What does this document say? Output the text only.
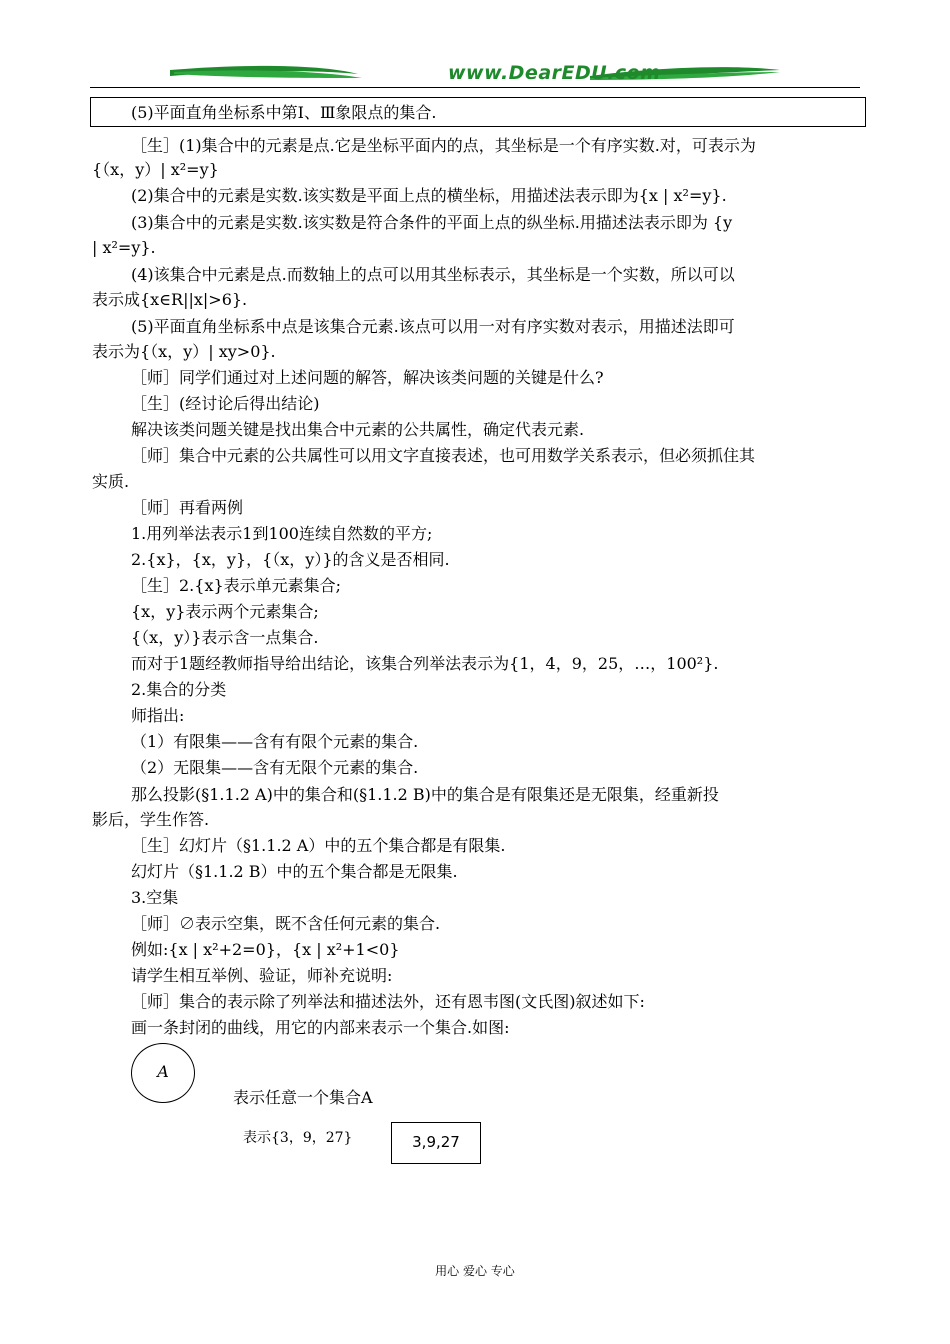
www.DearEDU.com
(5)平面直角坐标系中第Ⅰ、Ⅲ象限点的集合.
［生］(1)集合中的元素是点.它是坐标平面内的点，其坐标是一个有序实数.对，可表示为
{（x，y）| x²=y}
(2)集合中的元素是实数.该实数是平面上点的横坐标，用描述法表示即为{x | x²=y}.
(3)集合中的元素是实数.该实数是符合条件的平面上点的纵坐标.用描述法表示即为 {y
| x²=y}.
(4)该集合中元素是点.而数轴上的点可以用其坐标表示，其坐标是一个实数，所以可以
表示成{x∈R||x|>6}.
(5)平面直角坐标系中点是该集合元素.该点可以用一对有序实数对表示，用描述法即可
表示为{（x，y）| xy>0}.
［师］同学们通过对上述问题的解答，解决该类问题的关键是什么?
［生］(经讨论后得出结论)
解决该类问题关键是找出集合中元素的公共属性，确定代表元素.
［师］集合中元素的公共属性可以用文字直接表述，也可用数学关系表示，但必须抓住其
实质.
［师］再看两例
1.用列举法表示1到100连续自然数的平方;
2.{x}，{x，y}，{（x，y）}的含义是否相同.
［生］2.{x}表示单元素集合;
{x，y}表示两个元素集合;
{（x，y）}表示含一点集合.
而对于1题经教师指导给出结论，该集合列举法表示为{1，4，9，25，…，100²}.
2.集合的分类
师指出:
（1）有限集——含有有限个元素的集合.
（2）无限集——含有无限个元素的集合.
那么投影(§1.1.2 A)中的集合和(§1.1.2 B)中的集合是有限集还是无限集，经重新投
影后，学生作答.
［生］幻灯片（§1.1.2 A）中的五个集合都是有限集.
幻灯片（§1.1.2 B）中的五个集合都是无限集.
3.空集
［师］∅表示空集，既不含任何元素的集合.
例如:{x | x²+2=0}，{x | x²+1<0}
请学生相互举例、验证，师补充说明:
［师］集合的表示除了列举法和描述法外，还有恩韦图(文氏图)叙述如下:
画一条封闭的曲线，用它的内部来表示一个集合.如图:
A
表示任意一个集合A
表示{3，9，27}	3,9,27
用心 爱心 专心
